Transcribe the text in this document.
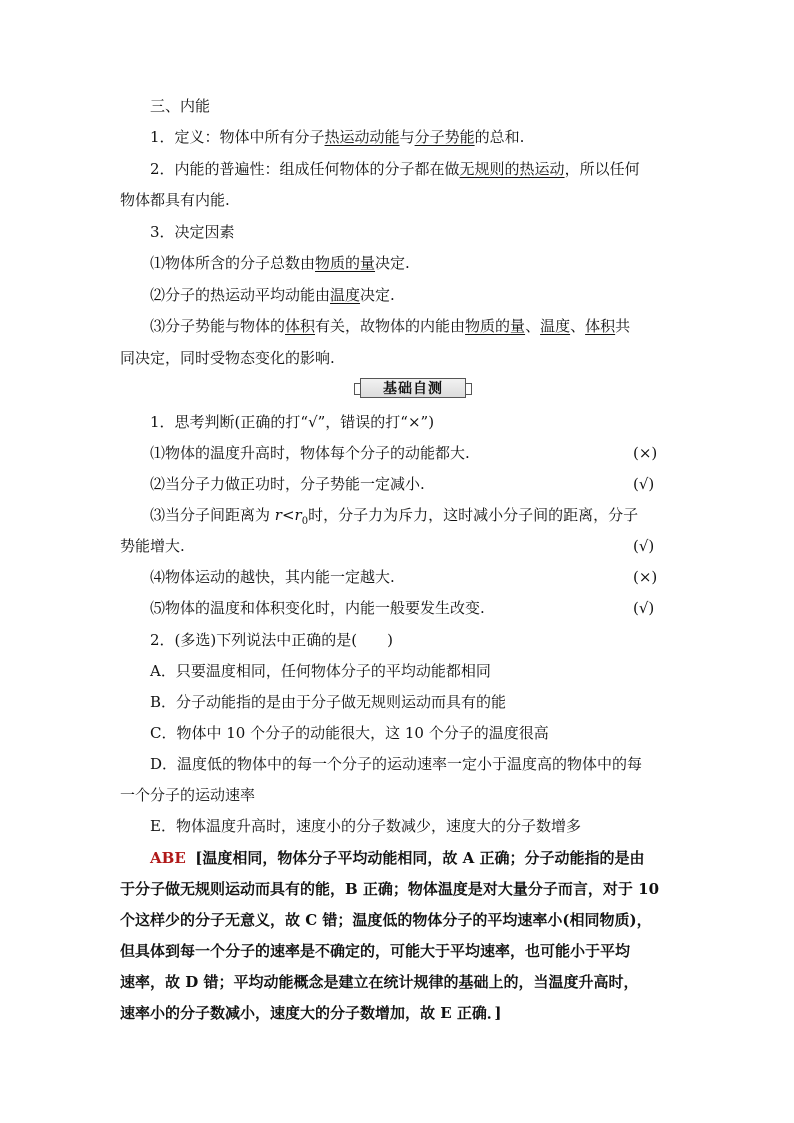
三、内能
1．定义：物体中所有分子热运动动能与分子势能的总和.
2．内能的普遍性：组成任何物体的分子都在做无规则的热运动，所以任何
物体都具有内能.
3．决定因素
⑴物体所含的分子总数由物质的量决定.
⑵分子的热运动平均动能由温度决定.
⑶分子势能与物体的体积有关，故物体的内能由物质的量、温度、体积共
同决定，同时受物态变化的影响.
基础自测
1．思考判断(正确的打“√”，错误的打“×”)
⑴物体的温度升高时，物体每个分子的动能都大.	(×)
⑵当分子力做正功时，分子势能一定减小.	(√)
⑶当分子间距离为 $r<r_0$时，分子力为斥力，这时减小分子间的距离，分子
势能增大.	(√)
⑷物体运动的越快，其内能一定越大.	(×)
⑸物体的温度和体积变化时，内能一般要发生改变.	(√)
2．(多选)下列说法中正确的是(　　)
A．只要温度相同，任何物体分子的平均动能都相同
B．分子动能指的是由于分子做无规则运动而具有的能
C．物体中 10 个分子的动能很大，这 10 个分子的温度很高
D．温度低的物体中的每一个分子的运动速率一定小于温度高的物体中的每
一个分子的运动速率
E．物体温度升高时，速度小的分子数减少，速度大的分子数增多
ABE [温度相同，物体分子平均动能相同，故 A 正确；分子动能指的是由
于分子做无规则运动而具有的能，B 正确；物体温度是对大量分子而言，对于 10
个这样少的分子无意义，故 C 错；温度低的物体分子的平均速率小(相同物质)，
但具体到每一个分子的速率是不确定的，可能大于平均速率，也可能小于平均
速率，故 D 错；平均动能概念是建立在统计规律的基础上的，当温度升高时，
速率小的分子数减小，速度大的分子数增加，故 E 正确．]
